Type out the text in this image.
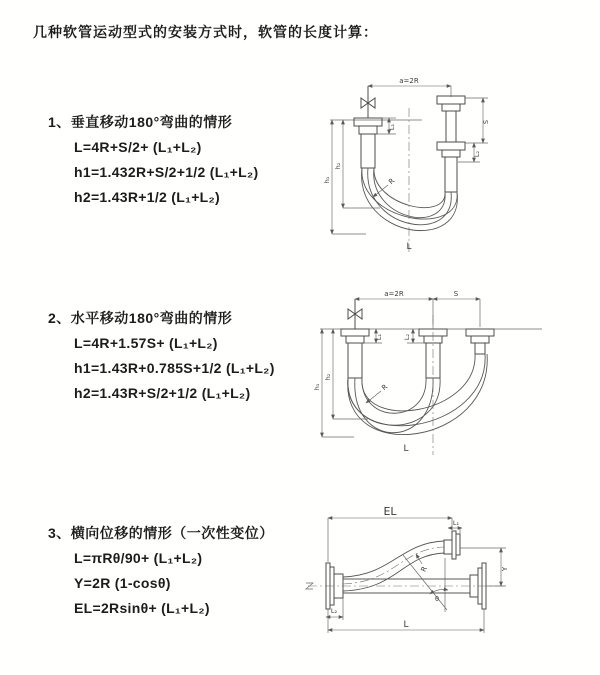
几种软管运动型式的安装方式时，软管的长度计算：
1、垂直移动180°弯曲的情形
L=4R+S/2+ (L₁+L₂)
h1=1.432R+S/2+1/2 (L₁+L₂)
h2=1.43R+1/2 (L₁+L₂)
2、水平移动180°弯曲的情形
L=4R+1.57S+ (L₁+L₂)
h1=1.43R+0.785S+1/2 (L₁+L₂)
h2=1.43R+S/2+1/2 (L₁+L₂)
3、横向位移的情形（一次性变位）
L=πRθ/90+ (L₁+L₂)
Y=2R (1-cosθ)
EL=2Rsinθ+ (L₁+L₂)
a=2R
h₁
h₂
L₁
S
L₂
R
L
a=2R	S
L₁	L₂
h₁
h₂
R
L
EL
L₁
Y
R
θ
L₂
L
